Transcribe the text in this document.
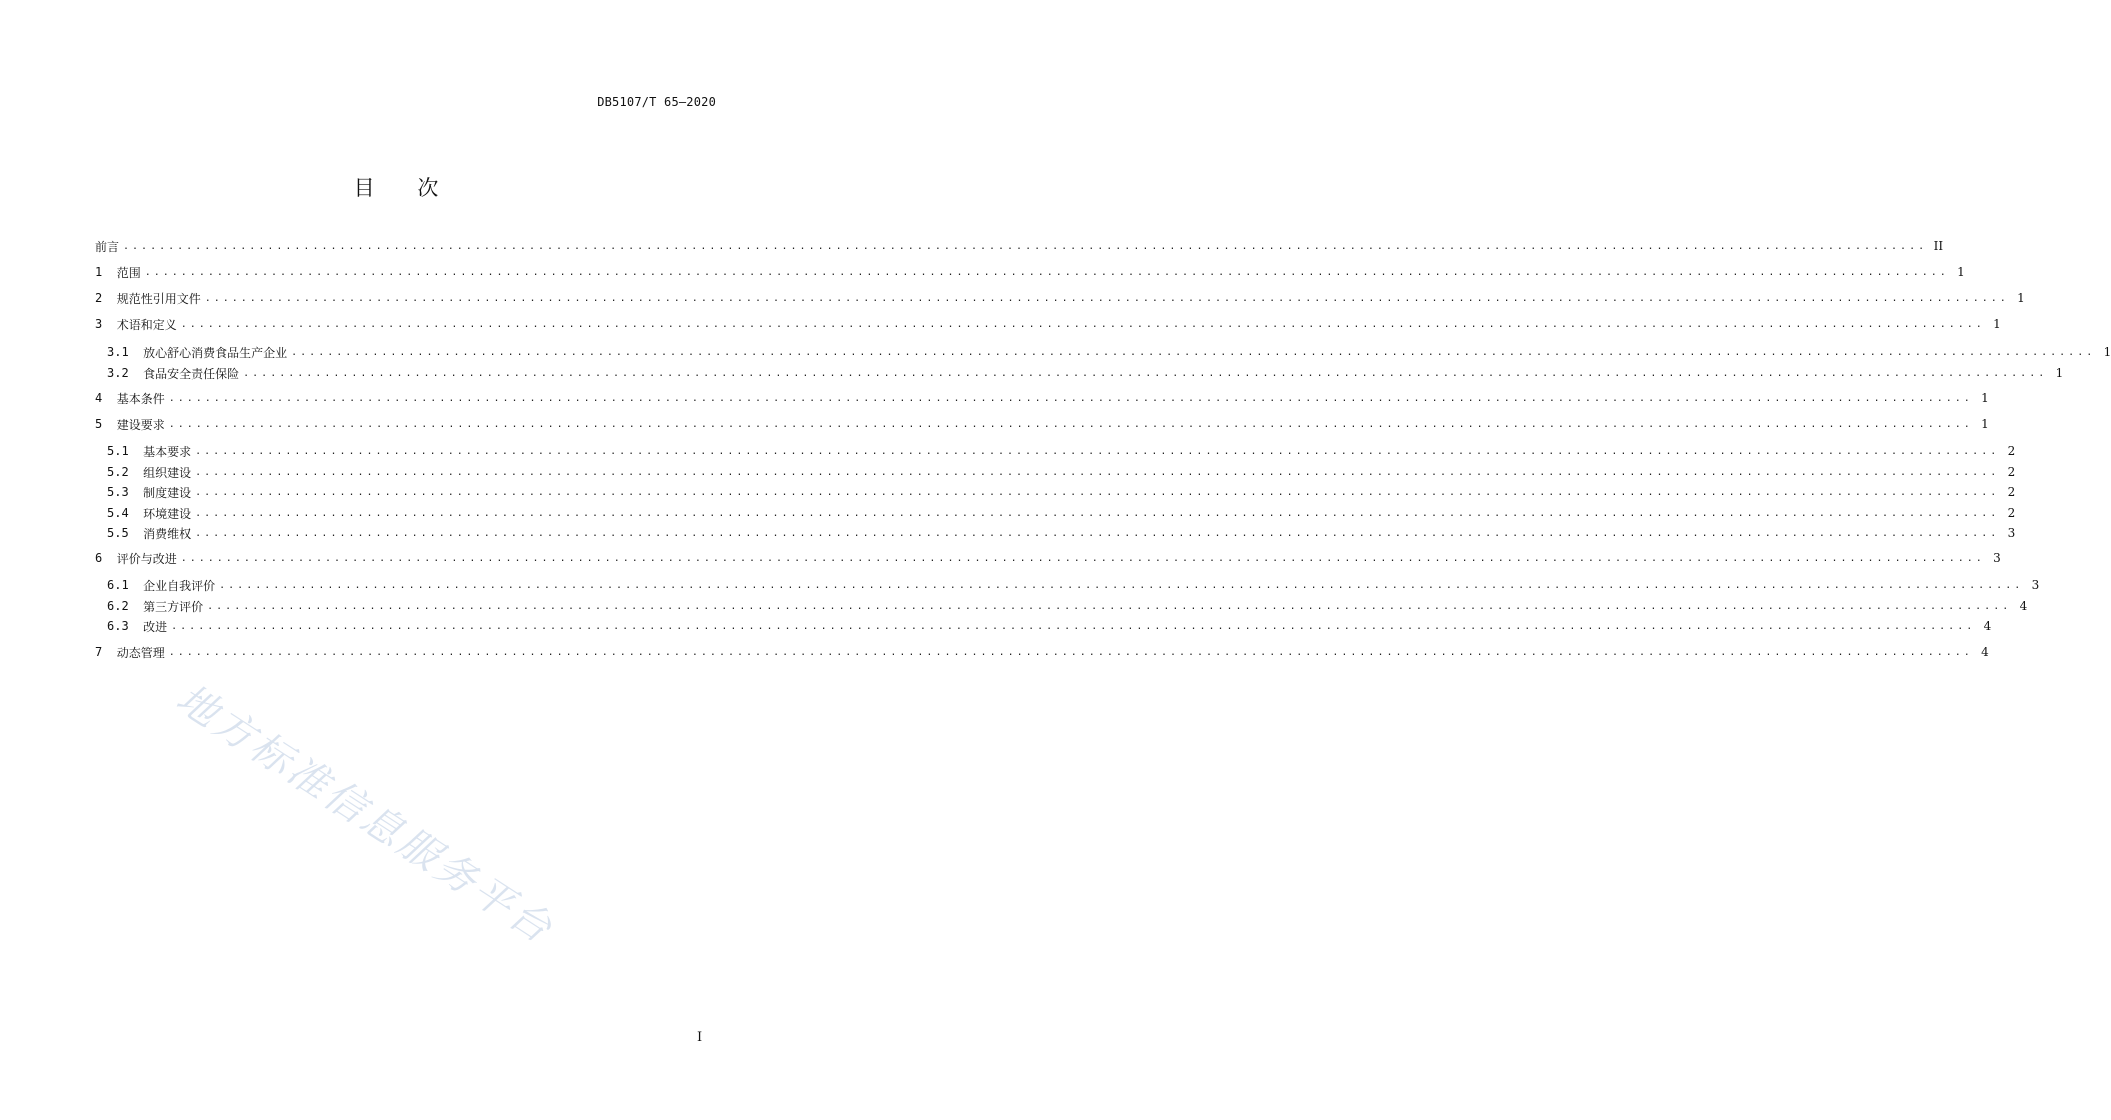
DB5107/T 65—2020
目 次
前言 ........................................................................................................................................................................................................ II
1 范围 ........................................................................................................................................................................................................ 1
2 规范性引用文件 ........................................................................................................................................................................................................ 1
3 术语和定义 ........................................................................................................................................................................................................ 1
3.1 放心舒心消费食品生产企业 ........................................................................................................................................................................................................ 1
3.2 食品安全责任保险 ........................................................................................................................................................................................................ 1
4 基本条件 ........................................................................................................................................................................................................ 1
5 建设要求 ........................................................................................................................................................................................................ 1
5.1 基本要求 ........................................................................................................................................................................................................ 2
5.2 组织建设 ........................................................................................................................................................................................................ 2
5.3 制度建设 ........................................................................................................................................................................................................ 2
5.4 环境建设 ........................................................................................................................................................................................................ 2
5.5 消费维权 ........................................................................................................................................................................................................ 3
6 评价与改进 ........................................................................................................................................................................................................ 3
6.1 企业自我评价 ........................................................................................................................................................................................................ 3
6.2 第三方评价 ........................................................................................................................................................................................................ 4
6.3 改进 ........................................................................................................................................................................................................ 4
7 动态管理 ........................................................................................................................................................................................................ 4
地方标准信息服务平台
I
